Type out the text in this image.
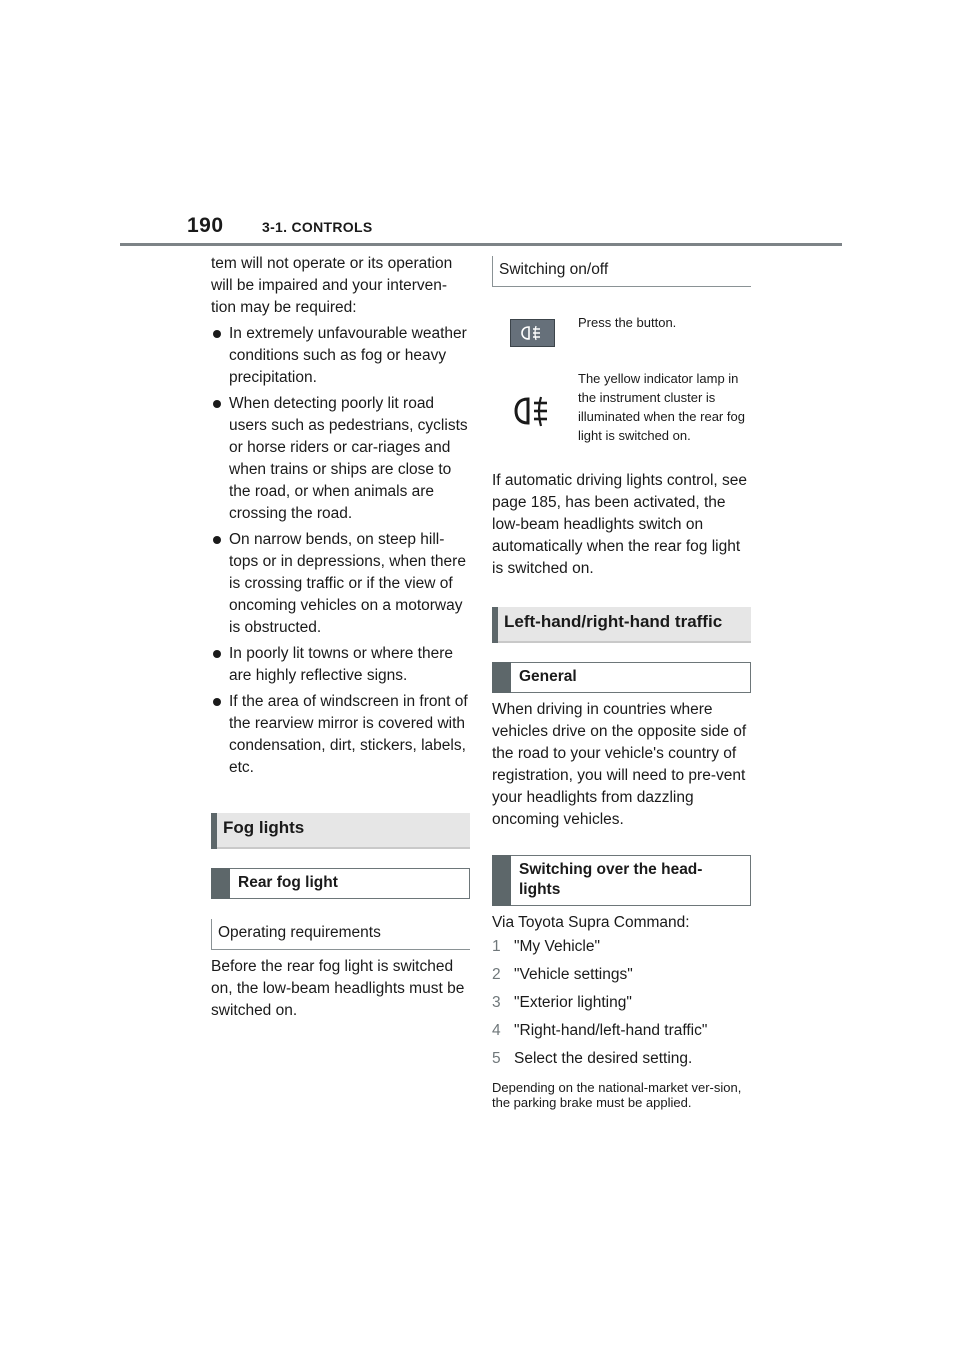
190	3-1. CONTROLS

tem will not operate or its operation will be impaired and your interven-tion may be required:

In extremely unfavourable weather conditions such as fog or heavy precipitation.
When detecting poorly lit road users such as pedestrians, cyclists or horse riders or car-riages and when trains or ships are close to the road, or when animals are crossing the road.
On narrow bends, on steep hill-tops or in depressions, when there is crossing traffic or if the view of oncoming vehicles on a motorway is obstructed.
In poorly lit towns or where there are highly reflective signs.
If the area of windscreen in front of the rearview mirror is covered with condensation, dirt, stickers, labels, etc.
Fog lights
Rear fog light
Operating requirements

Before the rear fog light is switched on, the low-beam headlights must be switched on.

Switching on/off
Press the button.
The yellow indicator lamp in the instrument cluster is illuminated when the rear fog light is switched on.

If automatic driving lights control, see page 185, has been activated, the low-beam headlights switch on automatically when the rear fog light is switched on.

Left-hand/right-hand traffic
General

When driving in countries where vehicles drive on the opposite side of the road to your vehicle's country of registration, you will need to pre-vent your headlights from dazzling oncoming vehicles.

Switching over the head-lights

Via Toyota Supra Command:

1 "My Vehicle"
2 "Vehicle settings"
3 "Exterior lighting"
4 "Right-hand/left-hand traffic"
5 Select the desired setting.

Depending on the national-market ver-sion, the parking brake must be applied.
